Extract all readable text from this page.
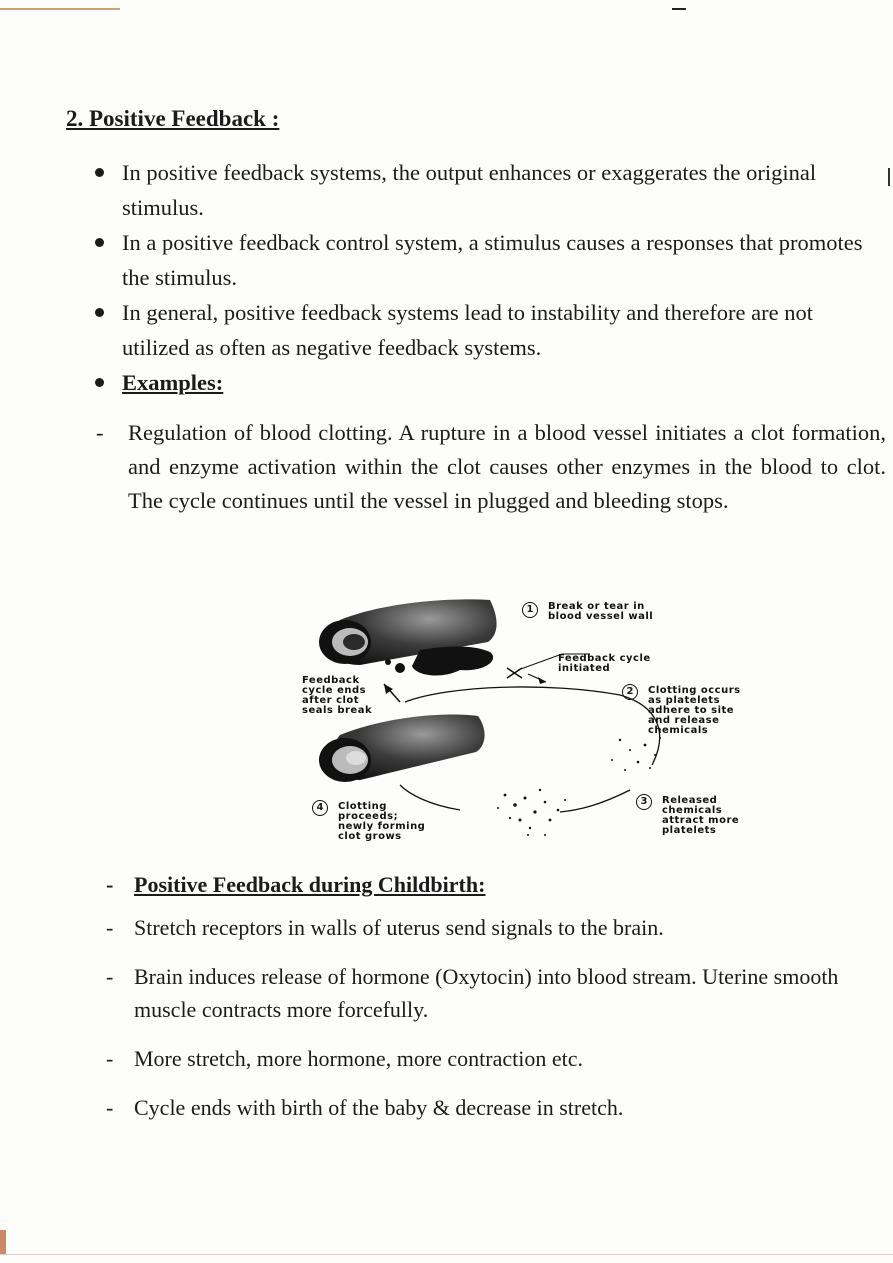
2. Positive Feedback :
In positive feedback systems, the output enhances or exaggerates the original stimulus.
In a positive feedback control system, a stimulus causes a responses that promotes the stimulus.
In general, positive feedback systems lead to instability and therefore are not utilized as often as negative feedback systems.
Examples:
- Regulation of blood clotting. A rupture in a blood vessel initiates a clot formation, and enzyme activation within the clot causes other enzymes in the blood to clot. The cycle continues until the vessel in plugged and bleeding stops.
1	Break or tear in
blood vessel wall
Feedback cycle
initiated
2	Clotting occurs
as platelets
adhere to site
and release
chemicals
3	Released
chemicals
attract more
platelets
4	Clotting
proceeds;
newly forming
clot grows
Feedback
cycle ends
after clot
seals break
- Positive Feedback during Childbirth:
- Stretch receptors in walls of uterus send signals to the brain.
- Brain induces release of hormone (Oxytocin) into blood stream. Uterine smooth muscle contracts more forcefully.
- More stretch, more hormone, more contraction etc.
- Cycle ends with birth of the baby & decrease in stretch.
